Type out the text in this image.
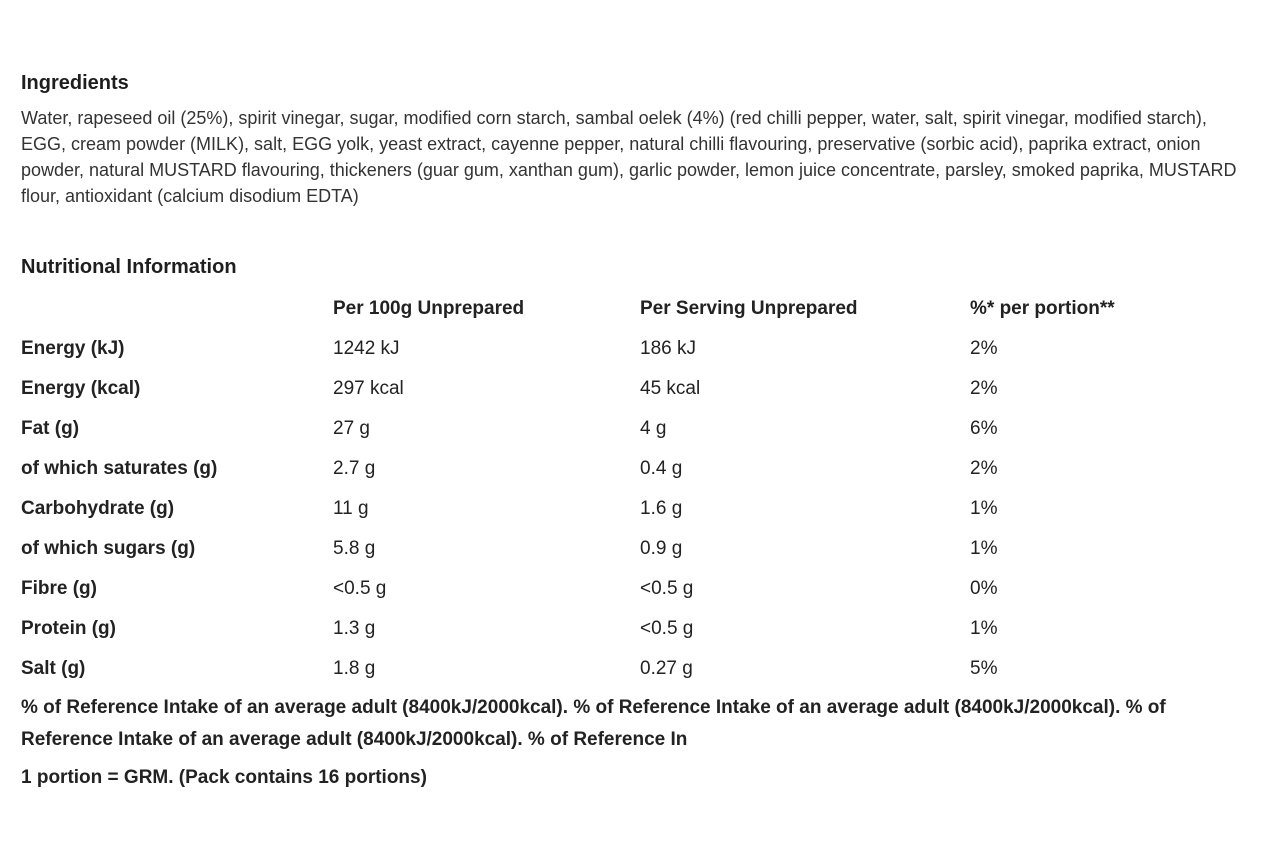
Ingredients

Water, rapeseed oil (25%), spirit vinegar, sugar, modified corn starch, sambal oelek (4%) (red chilli pepper, water, salt, spirit vinegar, modified starch), EGG, cream powder (MILK), salt, EGG yolk, yeast extract, cayenne pepper, natural chilli flavouring, preservative (sorbic acid), paprika extract, onion powder, natural MUSTARD flavouring, thickeners (guar gum, xanthan gum), garlic powder, lemon juice concentrate, parsley, smoked paprika, MUSTARD flour, antioxidant (calcium disodium EDTA)

Nutritional Information
	Per 100g Unprepared	Per Serving Unprepared	%* per portion**
Energy (kJ)	1242 kJ	186 kJ	2%
Energy (kcal)	297 kcal	45 kcal	2%
Fat (g)	27 g	4 g	6%
of which saturates (g)	2.7 g	0.4 g	2%
Carbohydrate (g)	11 g	1.6 g	1%
of which sugars (g)	5.8 g	0.9 g	1%
Fibre (g)	<0.5 g	<0.5 g	0%
Protein (g)	1.3 g	<0.5 g	1%
Salt (g)	1.8 g	0.27 g	5%

% of Reference Intake of an average adult (8400kJ/2000kcal). % of Reference Intake of an average adult (8400kJ/2000kcal). % of Reference Intake of an average adult (8400kJ/2000kcal). % of Reference In

1 portion = GRM. (Pack contains 16 portions)
